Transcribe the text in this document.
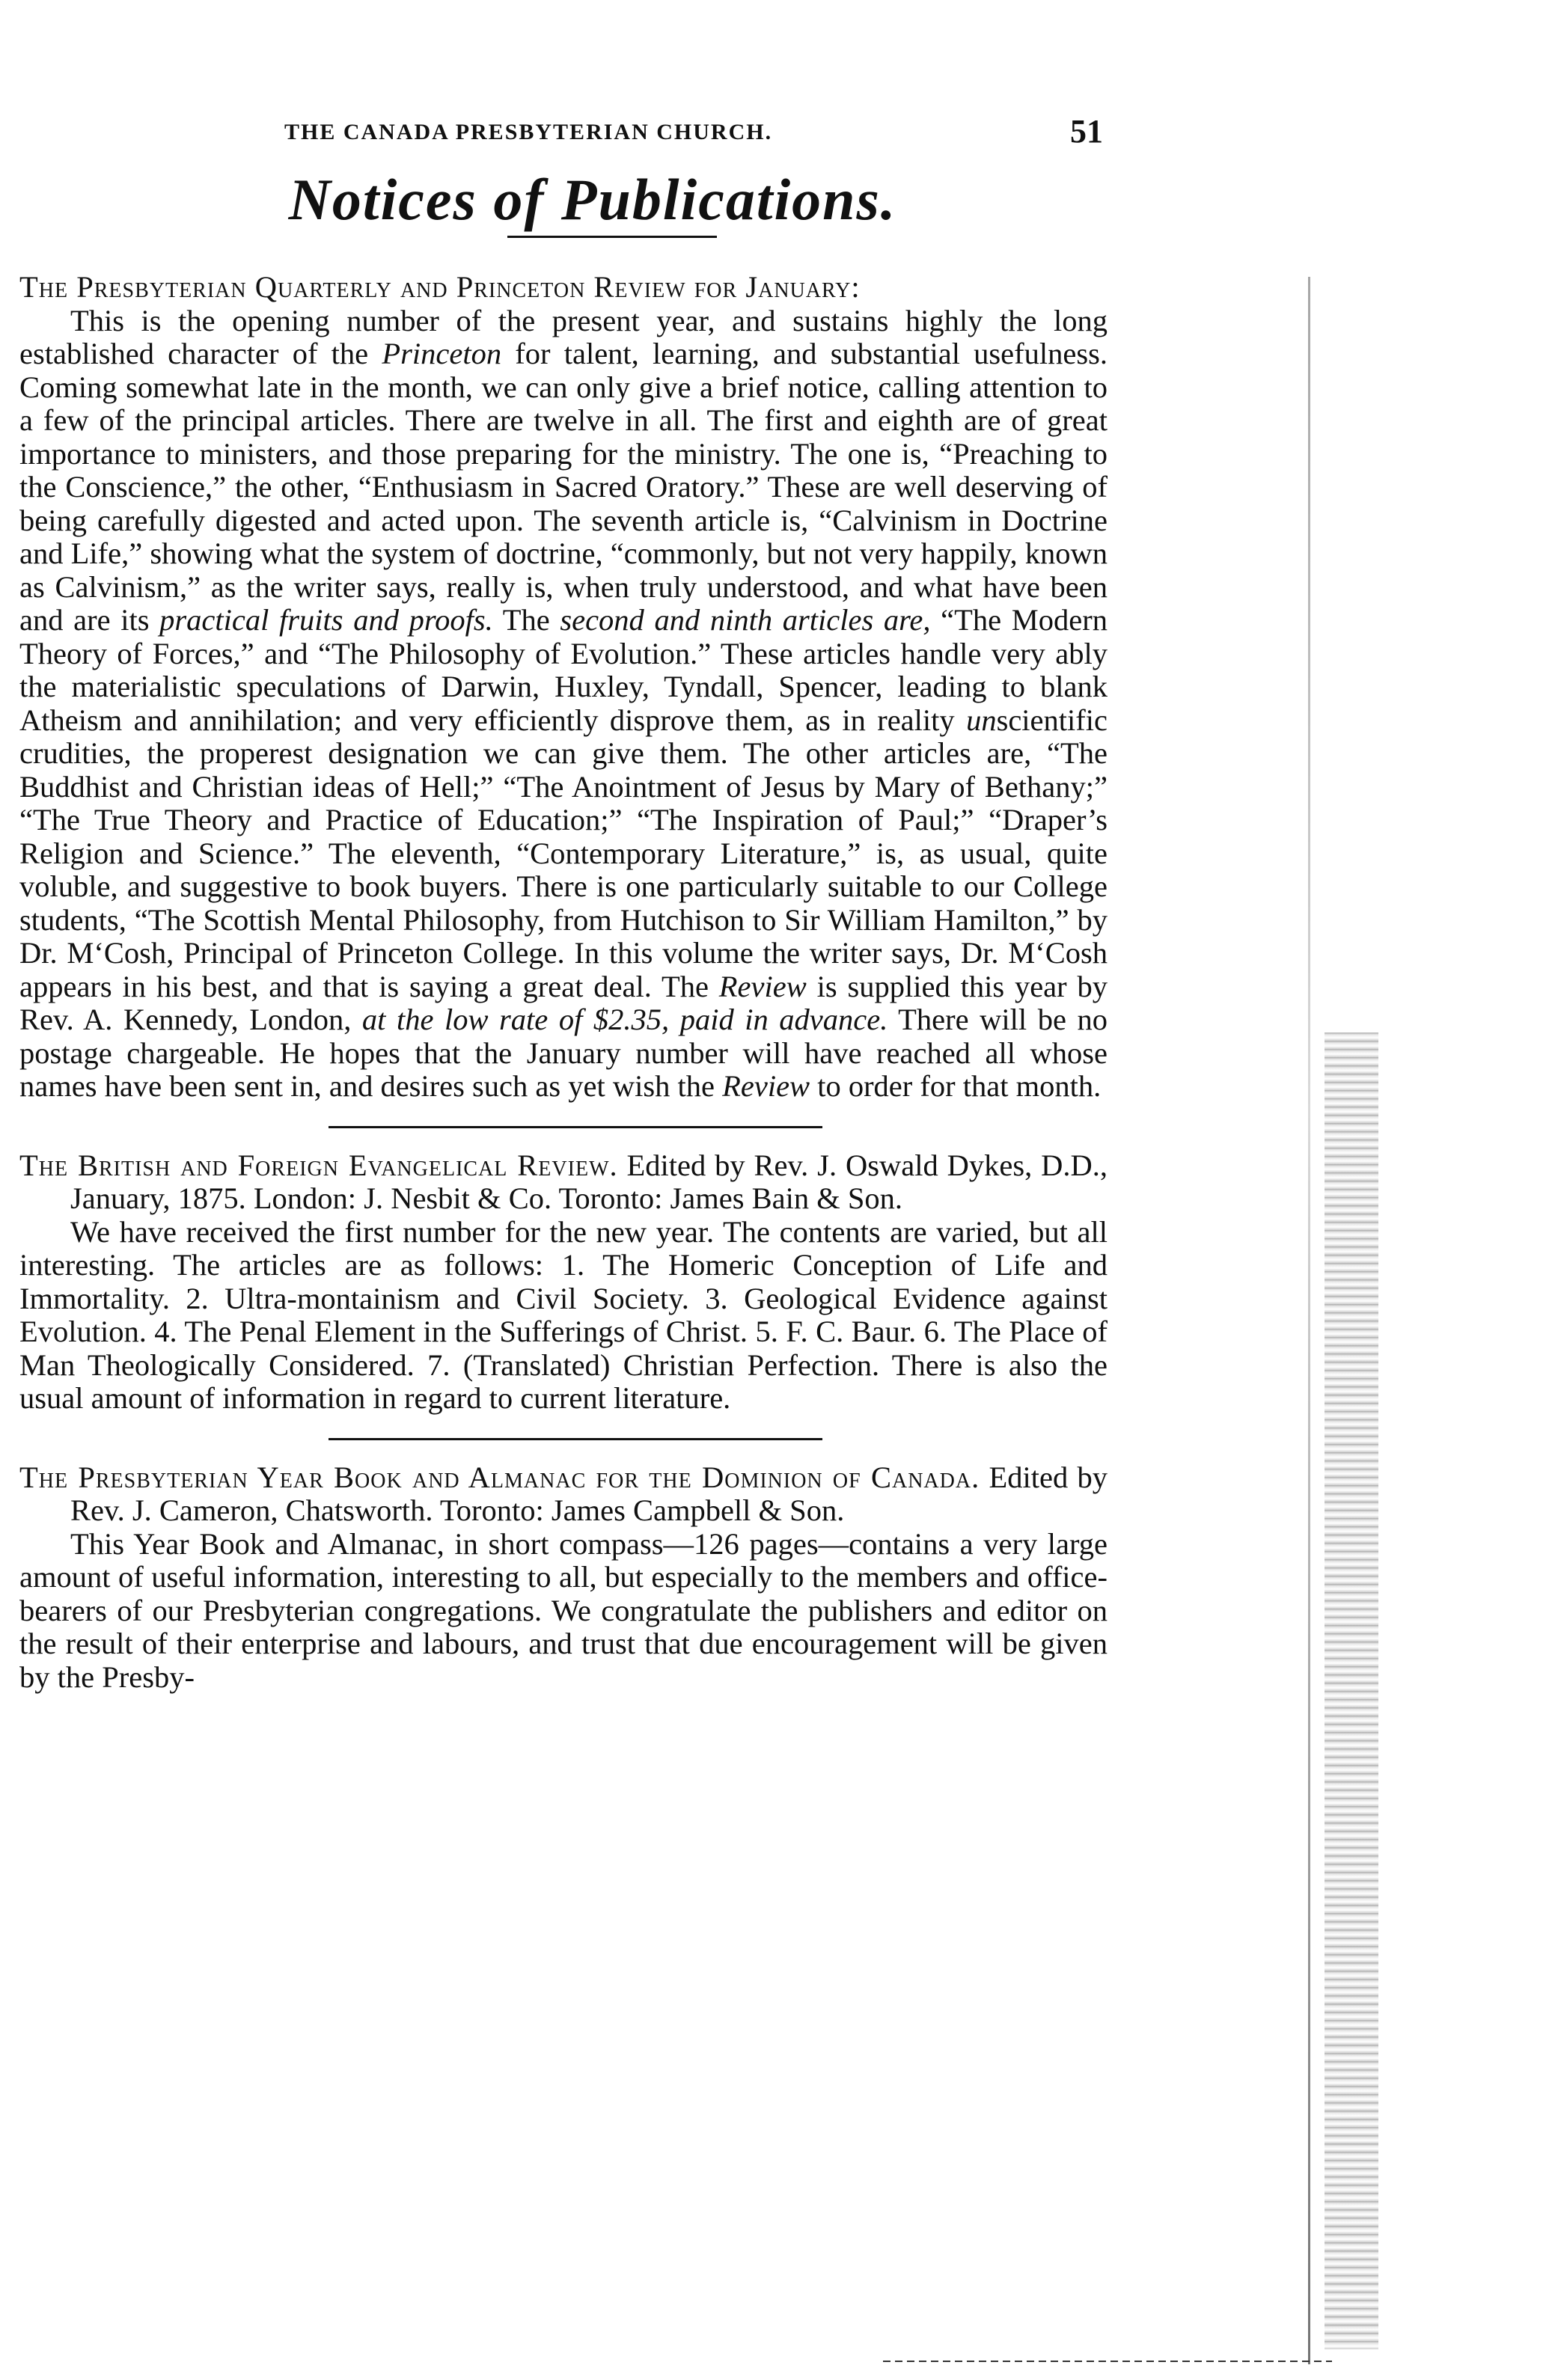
THE CANADA PRESBYTERIAN CHURCH.	51
Notices of Publications.

The Presbyterian Quarterly and Princeton Review for January:

This is the opening number of the present year, and sustains highly the long established character of the Princeton for talent, learning, and substantial usefulness. Coming somewhat late in the month, we can only give a brief notice, calling attention to a few of the principal articles. There are twelve in all. The first and eighth are of great importance to ministers, and those preparing for the ministry. The one is, “Preaching to the Conscience,” the other, “Enthusiasm in Sacred Oratory.” These are well deserving of being carefully digested and acted upon. The seventh article is, “Calvinism in Doctrine and Life,” showing what the system of doctrine, “commonly, but not very happily, known as Calvinism,” as the writer says, really is, when truly understood, and what have been and are its practical fruits and proofs. The second and ninth articles are, “The Modern Theory of Forces,” and “The Philosophy of Evolution.” These articles handle very ably the materialistic speculations of Darwin, Huxley, Tyndall, Spencer, leading to blank Atheism and annihilation; and very efficiently disprove them, as in reality unscientific crudities, the properest designation we can give them. The other articles are, “The Buddhist and Christian ideas of Hell;” “The Anointment of Jesus by Mary of Bethany;” “The True Theory and Practice of Education;” “The Inspiration of Paul;” “Draper’s Religion and Science.” The eleventh, “Contemporary Literature,” is, as usual, quite voluble, and suggestive to book buyers. There is one particularly suitable to our College students, “The Scottish Mental Philosophy, from Hutchison to Sir William Hamilton,” by Dr. M‘Cosh, Principal of Princeton College. In this volume the writer says, Dr. M‘Cosh appears in his best, and that is saying a great deal. The Review is supplied this year by Rev. A. Kennedy, London, at the low rate of $2.35, paid in advance. There will be no postage chargeable. He hopes that the January number will have reached all whose names have been sent in, and desires such as yet wish the Review to order for that month.

The British and Foreign Evangelical Review. Edited by Rev. J. Oswald Dykes, D.D., January, 1875. London: J. Nesbit & Co. Toronto: James Bain & Son.

We have received the first number for the new year. The contents are varied, but all interesting. The articles are as follows: 1. The Homeric Conception of Life and Immortality. 2. Ultra-montainism and Civil Society. 3. Geological Evidence against Evolution. 4. The Penal Element in the Sufferings of Christ. 5. F. C. Baur. 6. The Place of Man Theologically Considered. 7. (Translated) Christian Perfection. There is also the usual amount of information in regard to current literature.

The Presbyterian Year Book and Almanac for the Dominion of Canada. Edited by Rev. J. Cameron, Chatsworth. Toronto: James Campbell & Son.

This Year Book and Almanac, in short compass—126 pages—contains a very large amount of useful information, interesting to all, but especially to the members and office-bearers of our Presbyterian congregations. We congratulate the publishers and editor on the result of their enterprise and labours, and trust that due encouragement will be given by the Presby-
